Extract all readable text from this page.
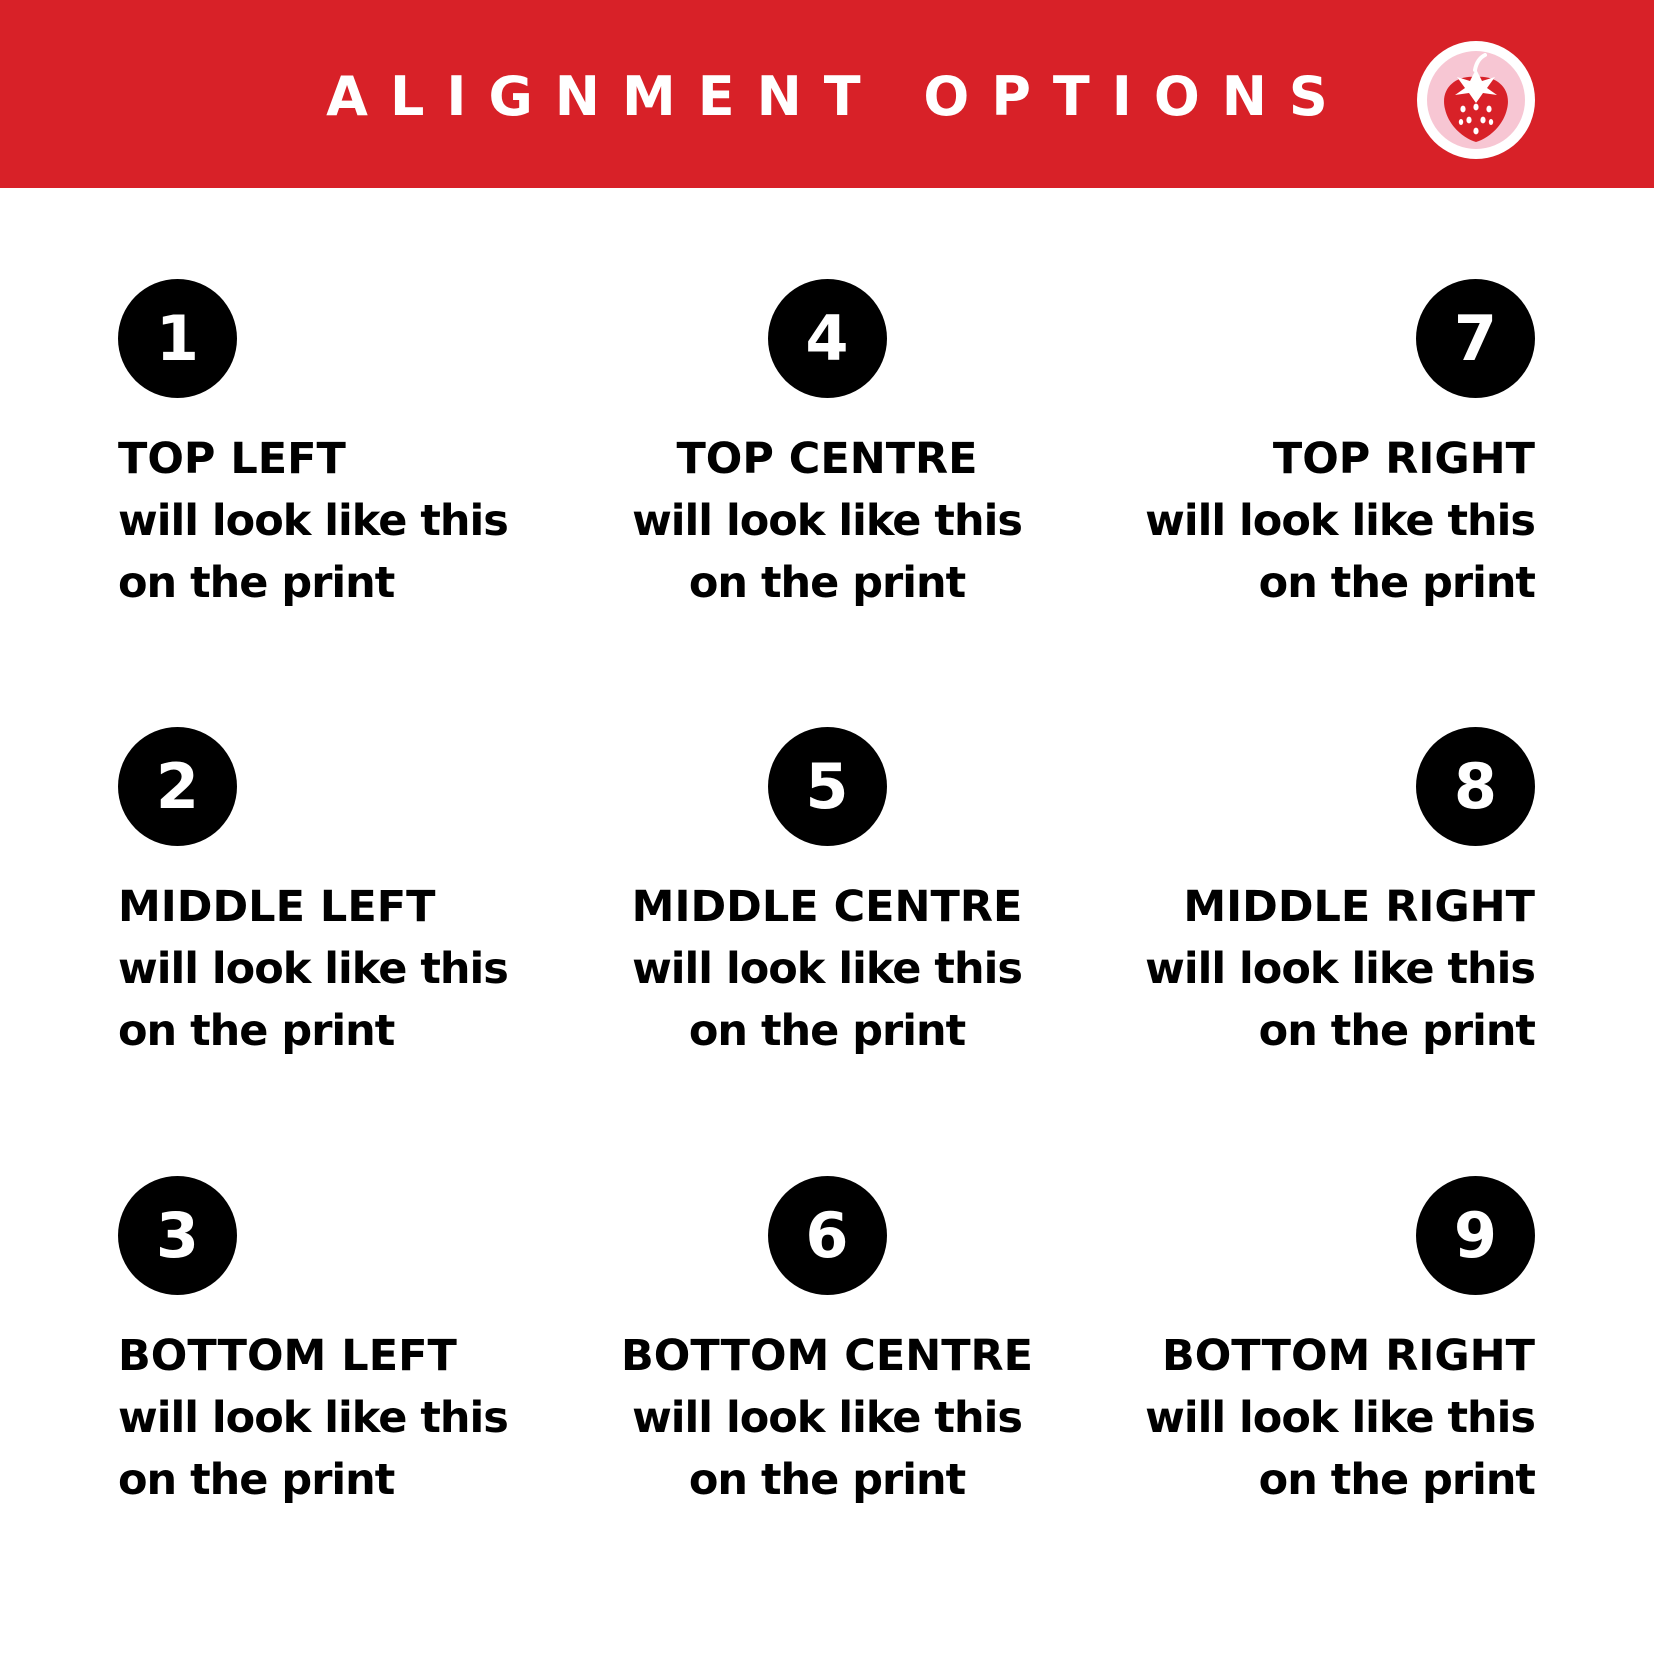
ALIGNMENT OPTIONS
1
TOP LEFT
will look like this
on the print
2
MIDDLE LEFT
will look like this
on the print
3
BOTTOM LEFT
will look like this
on the print
4
TOP CENTRE
will look like this
on the print
5
MIDDLE CENTRE
will look like this
on the print
6
BOTTOM CENTRE
will look like this
on the print
7
TOP RIGHT
will look like this
on the print
8
MIDDLE RIGHT
will look like this
on the print
9
BOTTOM RIGHT
will look like this
on the print
